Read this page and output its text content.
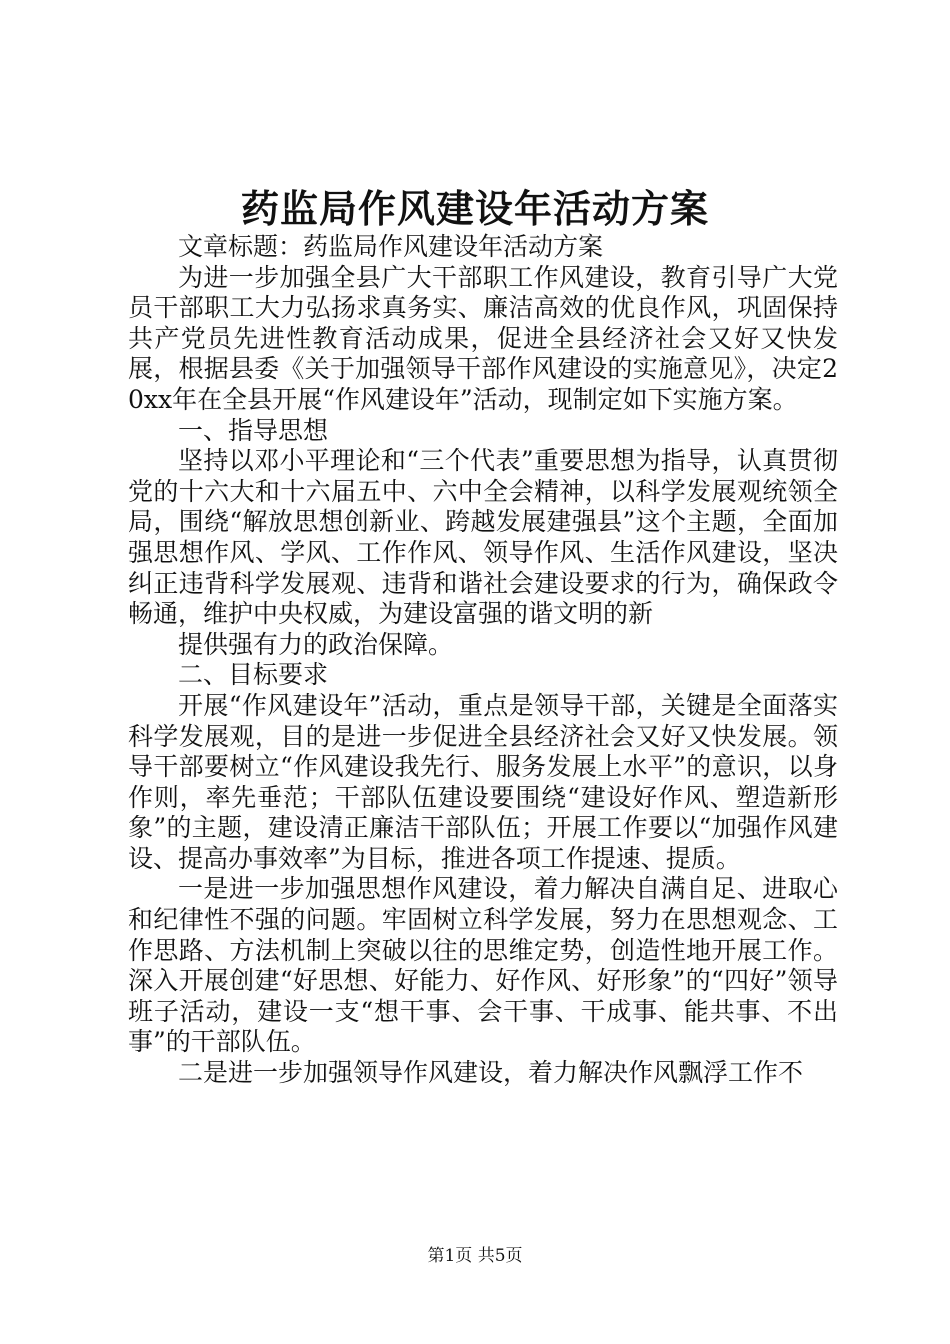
药监局作风建设年活动方案

文章标题：药监局作风建设年活动方案

为进一步加强全县广大干部职工作风建设，教育引导广大党员干部职工大力弘扬求真务实、廉洁高效的优良作风，巩固保持共产党员先进性教育活动成果，促进全县经济社会又好又快发展，根据县委《关于加强领导干部作风建设的实施意见》，决定20xx年在全县开展“作风建设年”活动，现制定如下实施方案。

一、指导思想

坚持以邓小平理论和“三个代表”重要思想为指导，认真贯彻党的十六大和十六届五中、六中全会精神，以科学发展观统领全局，围绕“解放思想创新业、跨越发展建强县”这个主题，全面加强思想作风、学风、工作作风、领导作风、生活作风建设，坚决纠正违背科学发展观、违背和谐社会建设要求的行为，确保政令畅通，维护中央权威，为建设富强的谐文明的新

提供强有力的政治保障。

二、目标要求

开展“作风建设年”活动，重点是领导干部，关键是全面落实科学发展观，目的是进一步促进全县经济社会又好又快发展。领导干部要树立“作风建设我先行、服务发展上水平”的意识，以身作则，率先垂范；干部队伍建设要围绕“建设好作风、塑造新形象”的主题，建设清正廉洁干部队伍；开展工作要以“加强作风建设、提高办事效率”为目标，推进各项工作提速、提质。

一是进一步加强思想作风建设，着力解决自满自足、进取心和纪律性不强的问题。牢固树立科学发展，努力在思想观念、工作思路、方法机制上突破以往的思维定势，创造性地开展工作。深入开展创建“好思想、好能力、好作风、好形象”的“四好”领导班子活动，建设一支“想干事、会干事、干成事、能共事、不出事”的干部队伍。

二是进一步加强领导作风建设，着力解决作风飘浮工作不

第1页 共5页
